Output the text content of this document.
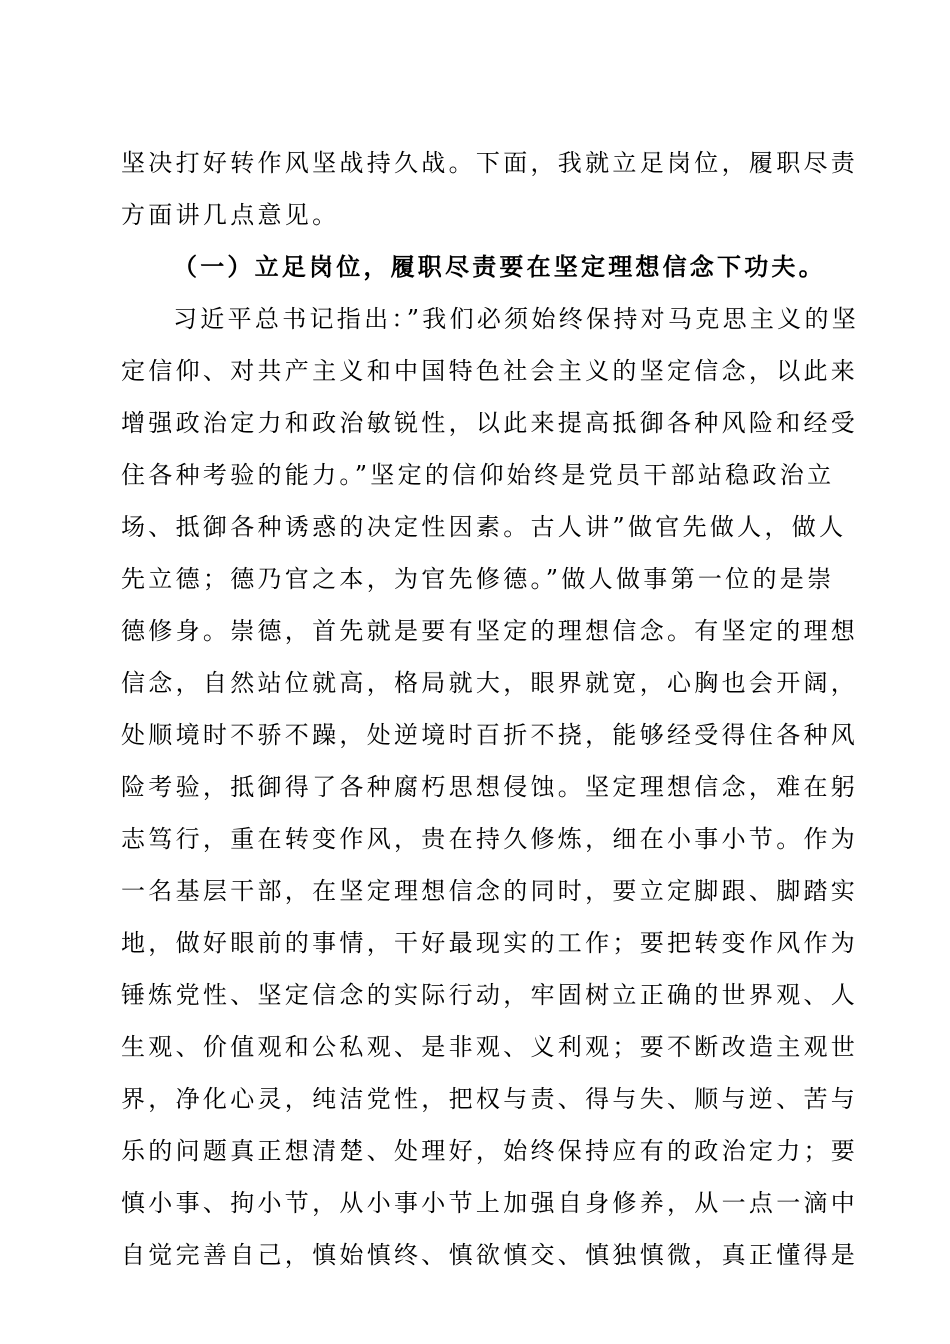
坚决打好转作风坚战持久战。下面，我就立足岗位，履职尽责
方面讲几点意见。
（一）立足岗位，履职尽责要在坚定理想信念下功夫。
习近平总书记指出：”我们必须始终保持对马克思主义的坚
定信仰、对共产主义和中国特色社会主义的坚定信念，以此来
增强政治定力和政治敏锐性，以此来提高抵御各种风险和经受
住各种考验的能力。”坚定的信仰始终是党员干部站稳政治立
场、抵御各种诱惑的决定性因素。古人讲”做官先做人，做人
先立德；德乃官之本，为官先修德。”做人做事第一位的是崇
德修身。崇德，首先就是要有坚定的理想信念。有坚定的理想
信念，自然站位就高，格局就大，眼界就宽，心胸也会开阔，
处顺境时不骄不躁，处逆境时百折不挠，能够经受得住各种风
险考验，抵御得了各种腐朽思想侵蚀。坚定理想信念，难在躬
志笃行，重在转变作风，贵在持久修炼，细在小事小节。作为
一名基层干部，在坚定理想信念的同时，要立定脚跟、脚踏实
地，做好眼前的事情，干好最现实的工作；要把转变作风作为
锤炼党性、坚定信念的实际行动，牢固树立正确的世界观、人
生观、价值观和公私观、是非观、义利观；要不断改造主观世
界，净化心灵，纯洁党性，把权与责、得与失、顺与逆、苦与
乐的问题真正想清楚、处理好，始终保持应有的政治定力；要
慎小事、拘小节，从小事小节上加强自身修养，从一点一滴中
自觉完善自己，慎始慎终、慎欲慎交、慎独慎微，真正懂得是
